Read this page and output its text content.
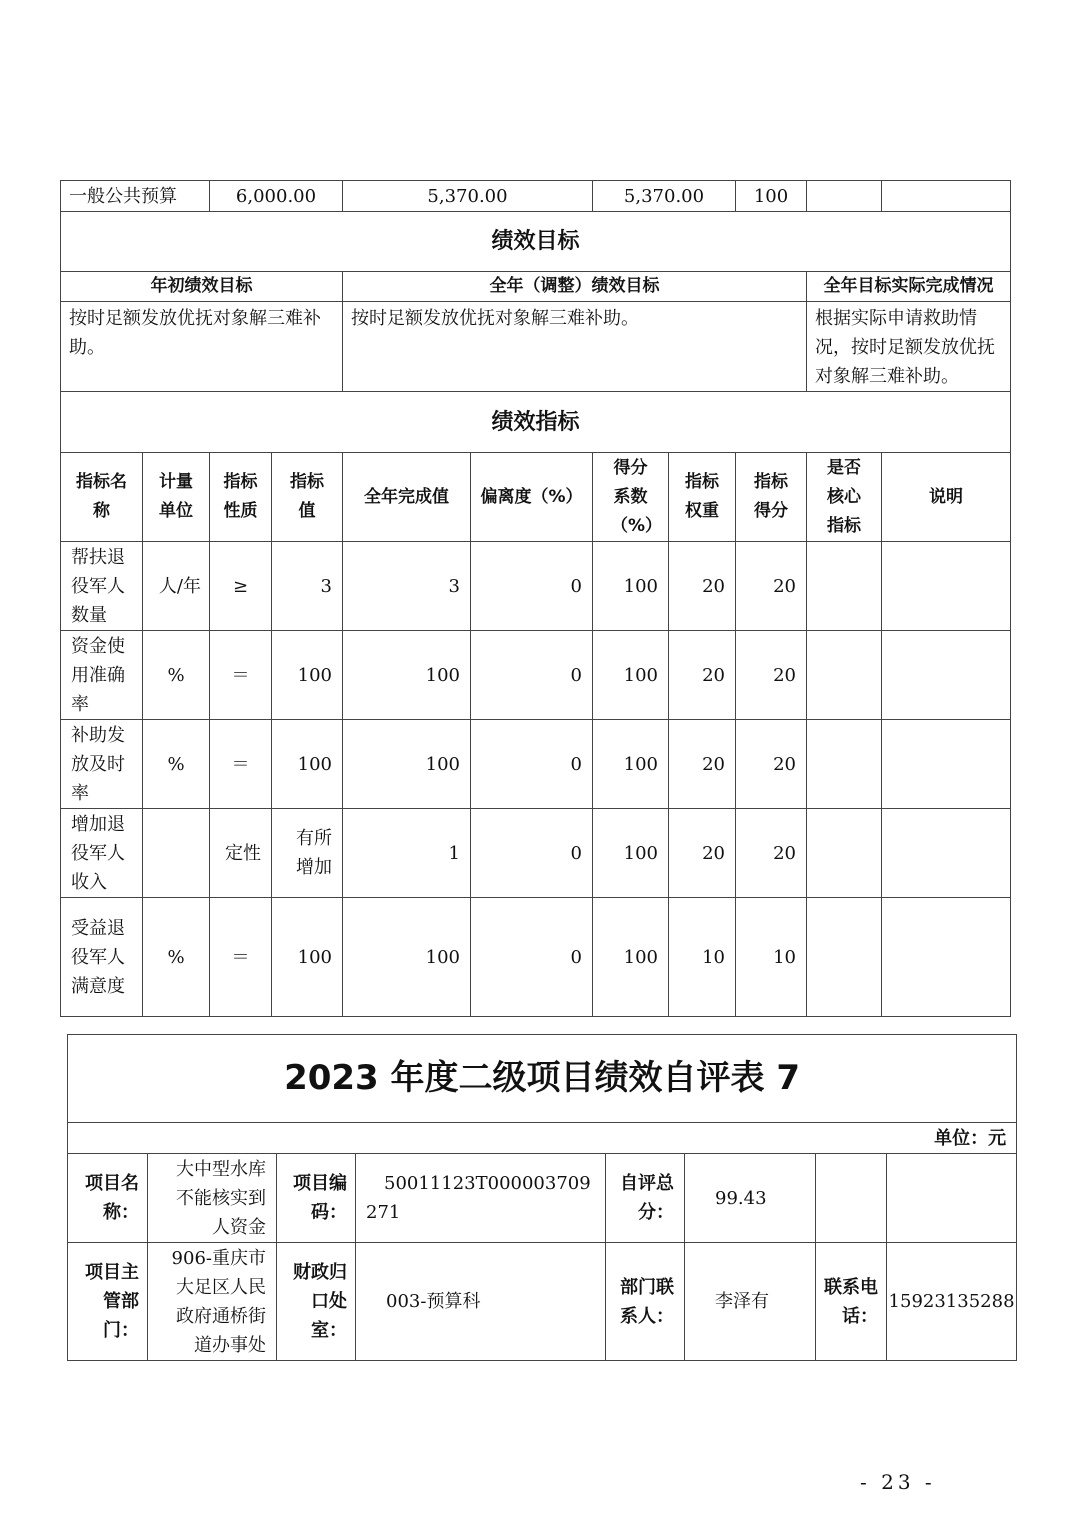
一般公共预算		6,000.00		5,370.00		5,370.00		100		
绩效目标										
年初绩效目标				全年（调整）绩效目标					全年目标实际完成情况	
按时足额发放优抚对象解三难补助。				按时足额发放优抚对象解三难补助。					根据实际申请救助情况，按时足额发放优抚对象解三难补助。	
绩效指标										
指标名称	计量单位	指标性质	指标值	全年完成值	偏离度（%）	得分系数（%）	指标权重	指标得分	是否核心指标	说明
帮扶退役军人数量	人/年	≥	3	3	0	100	20	20		
资金使用准确率	%	＝	100	100	0	100	20	20		
补助发放及时率	%	＝	100	100	0	100	20	20		
增加退役军人收入		定性	有所增加	1	0	100	20	20		
受益退役军人满意度	%	＝	100	100	0	100	10	10		
2023 年度二级项目绩效自评表 7							
单位：元							
项目名称：	大中型水库不能核实到人资金	项目编码：	50011123T000003709271	自评总分：	99.43		
项目主管部门：	906-重庆市大足区人民政府通桥街道办事处	财政归口处室：	003-预算科	部门联系人：	李泽有	联系电话：	15923135288
- 23 -
